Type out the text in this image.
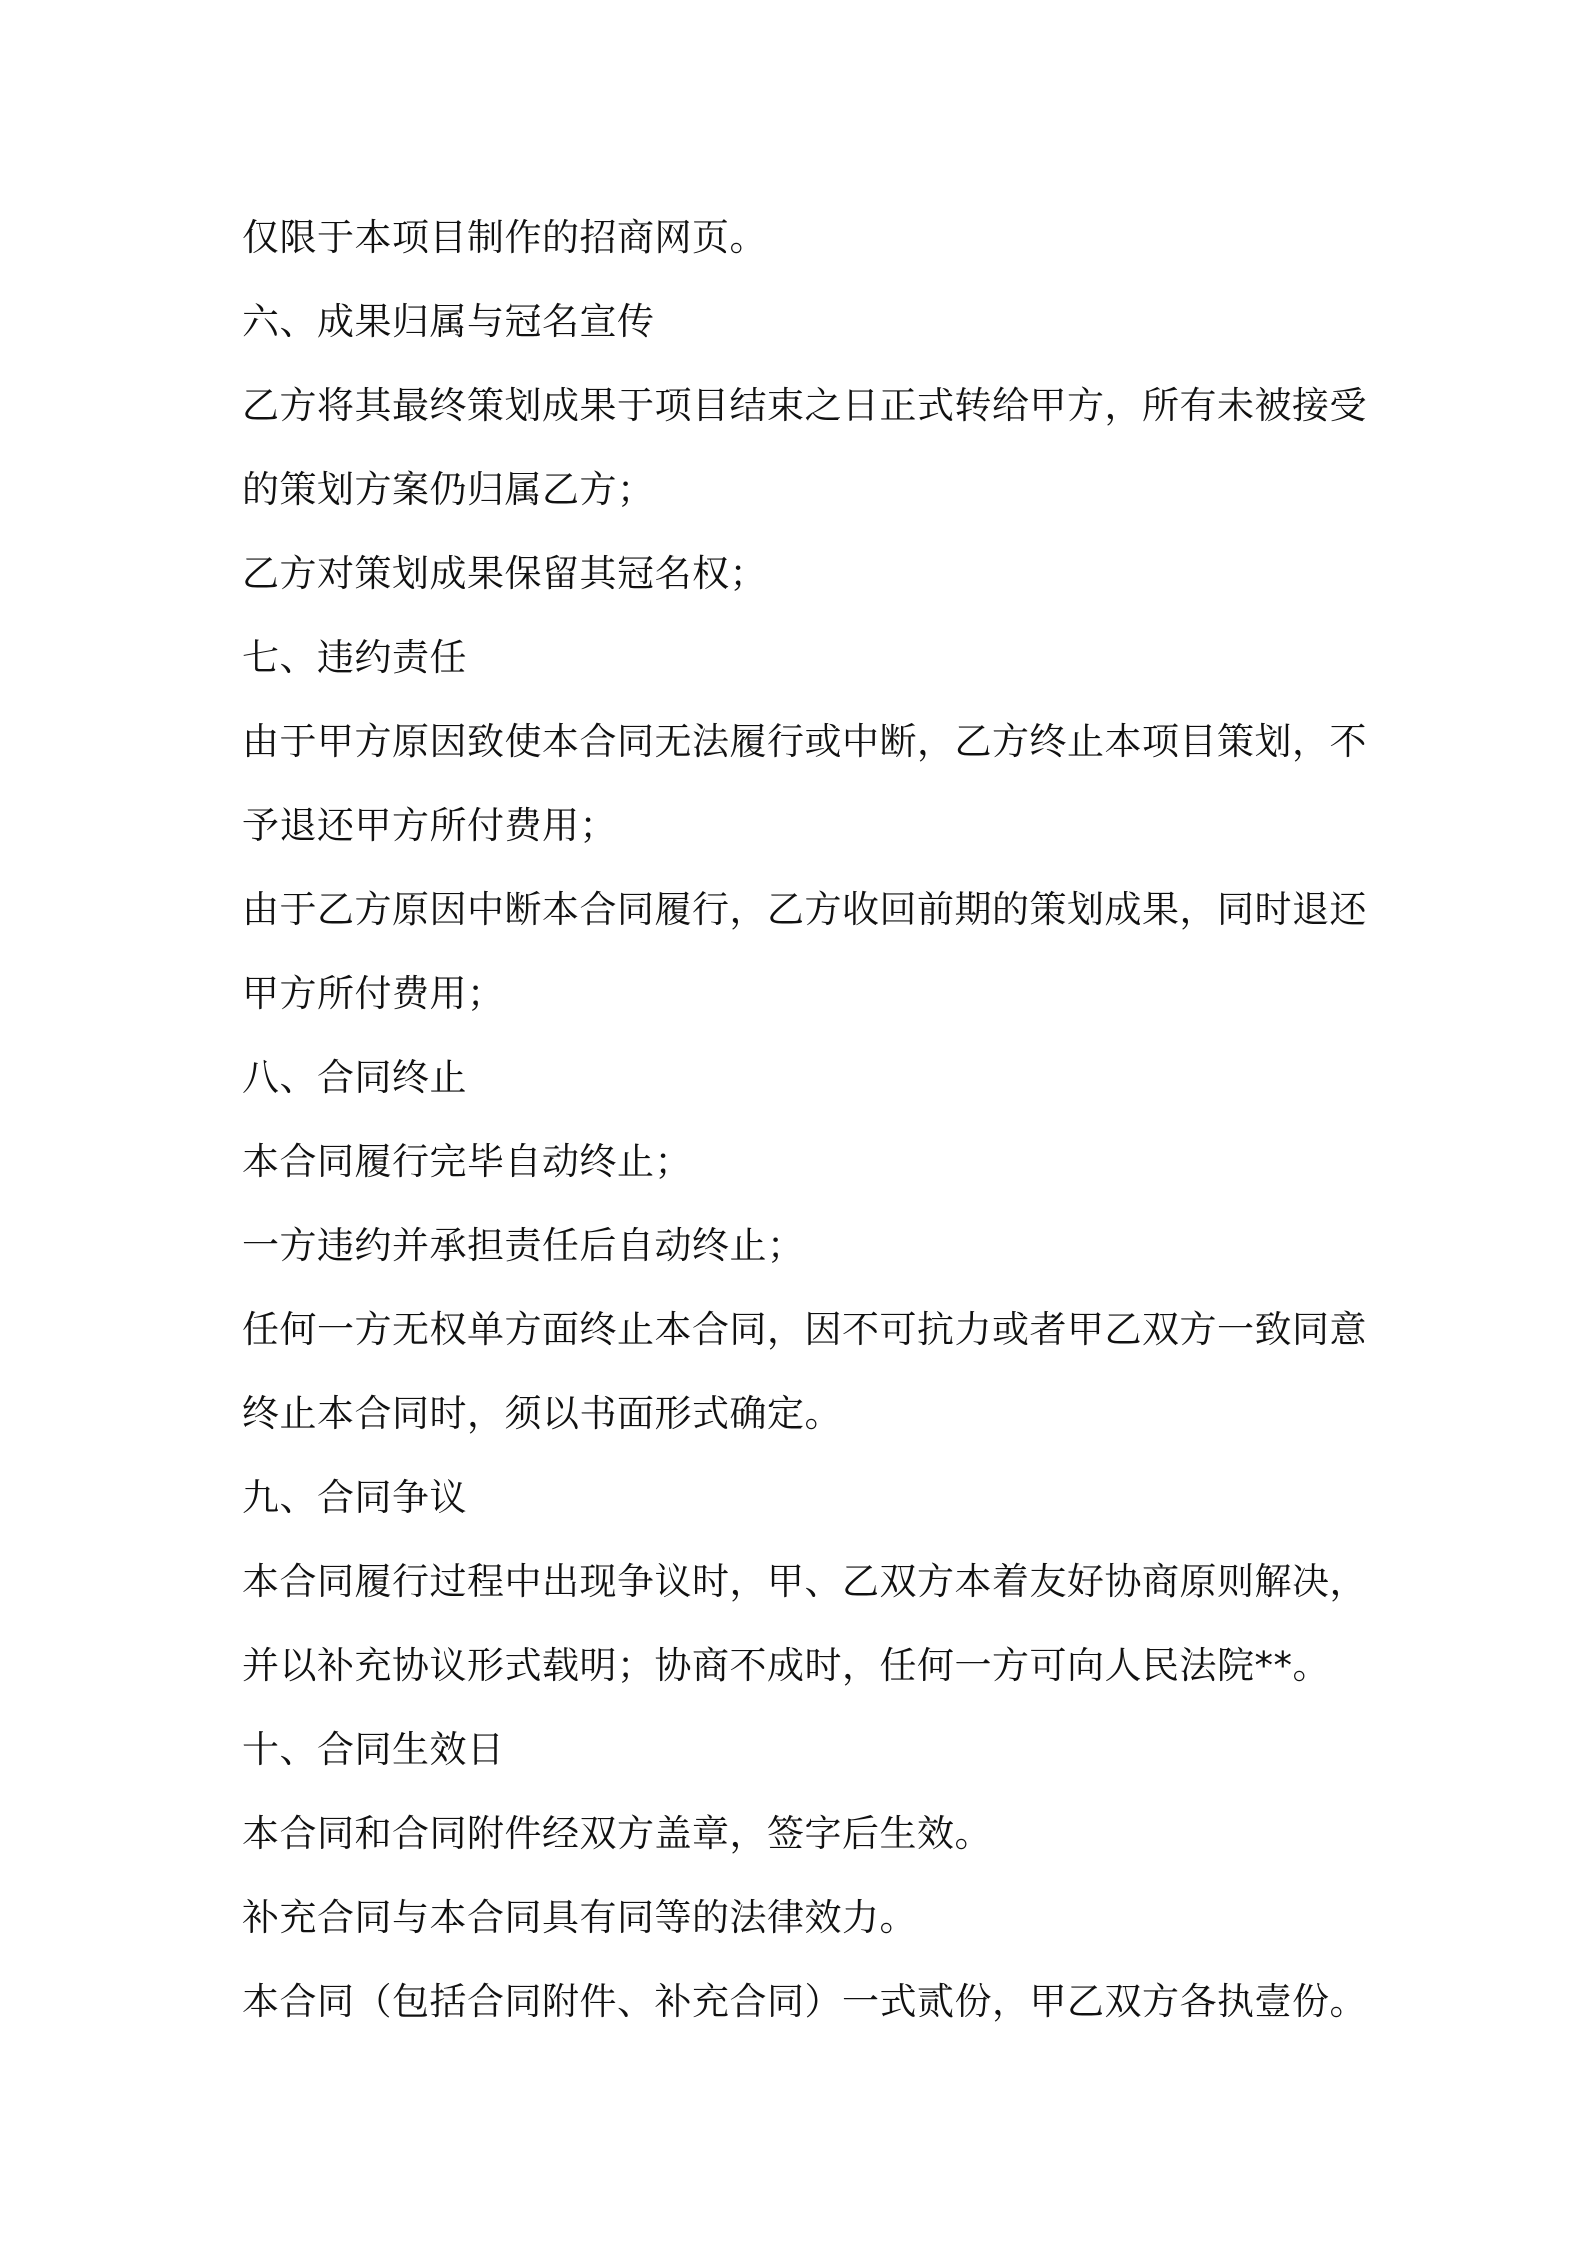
仅限于本项目制作的招商网页。
六、成果归属与冠名宣传
乙方将其最终策划成果于项目结束之日正式转给甲方，所有未被接受
的策划方案仍归属乙方；
乙方对策划成果保留其冠名权；
七、违约责任
由于甲方原因致使本合同无法履行或中断，乙方终止本项目策划，不
予退还甲方所付费用；
由于乙方原因中断本合同履行，乙方收回前期的策划成果，同时退还
甲方所付费用；
八、合同终止
本合同履行完毕自动终止；
一方违约并承担责任后自动终止；
任何一方无权单方面终止本合同，因不可抗力或者甲乙双方一致同意
终止本合同时，须以书面形式确定。
九、合同争议
本合同履行过程中出现争议时，甲、乙双方本着友好协商原则解决，
并以补充协议形式载明；协商不成时，任何一方可向人民法院**。
十、合同生效日
本合同和合同附件经双方盖章，签字后生效。
补充合同与本合同具有同等的法律效力。
本合同（包括合同附件、补充合同）一式贰份，甲乙双方各执壹份。
